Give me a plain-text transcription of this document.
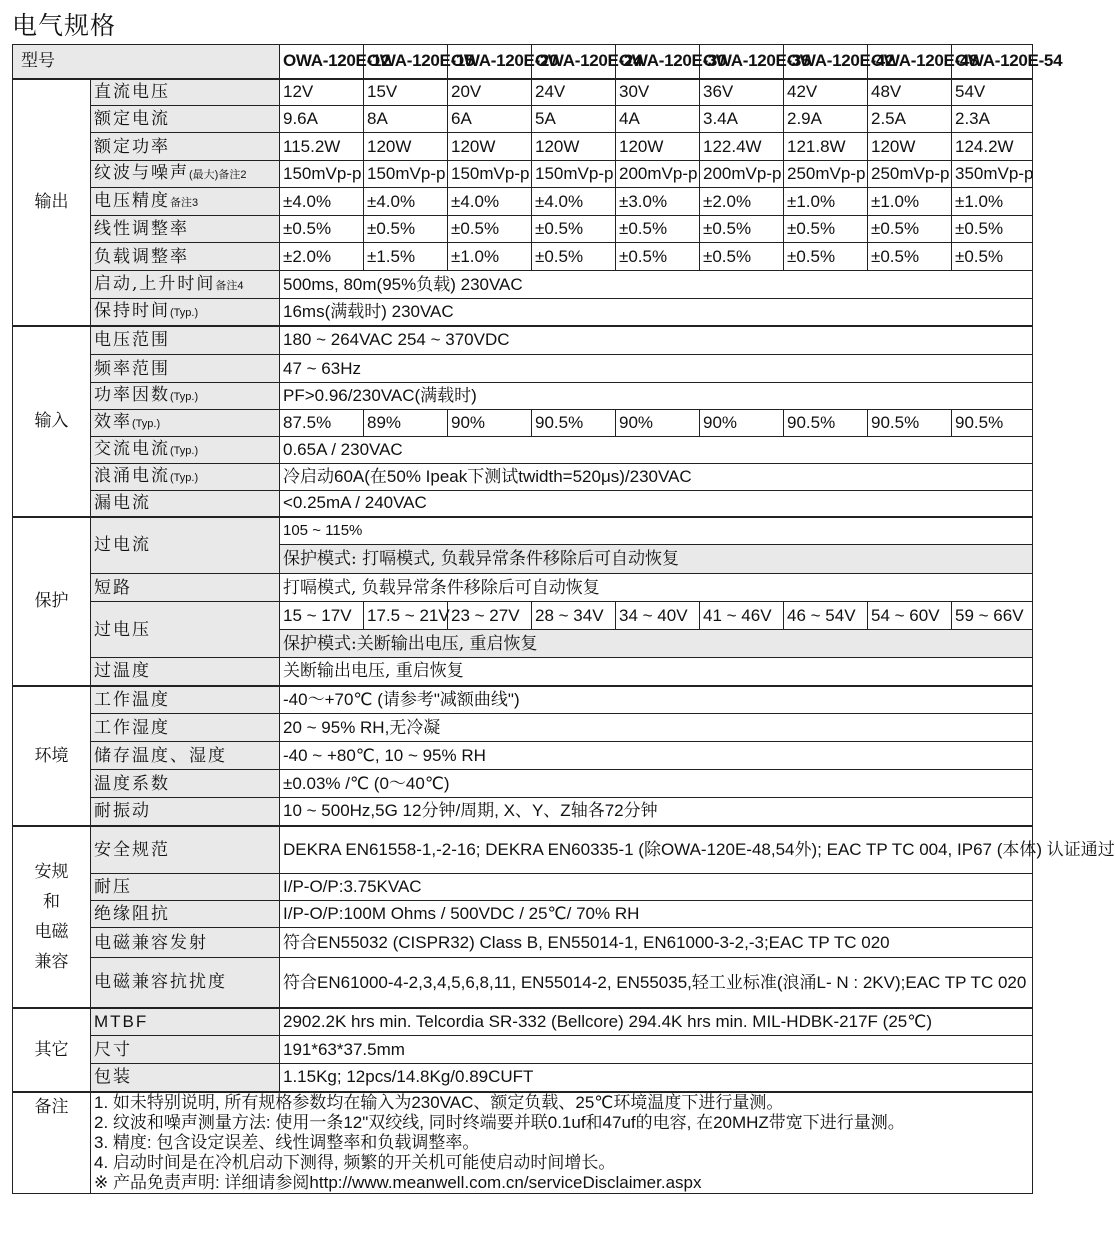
电气规格
型号		OWA-120E-12	OWA-120E-15	OWA-120E-20	OWA-120E-24	OWA-120E-30	OWA-120E-36	OWA-120E-42	OWA-120E-48	OWA-120E-54
输出	直流电压	12V	15V	20V	24V	30V	36V	42V	48V	54V
	额定电流	9.6A	8A	6A	5A	4A	3.4A	2.9A	2.5A	2.3A
	额定功率	115.2W	120W	120W	120W	120W	122.4W	121.8W	120W	124.2W
	纹波与噪声(最大)备注2	150mVp-p	150mVp-p	150mVp-p	150mVp-p	200mVp-p	200mVp-p	250mVp-p	250mVp-p	350mVp-p
	电压精度备注3	±4.0%	±4.0%	±4.0%	±4.0%	±3.0%	±2.0%	±1.0%	±1.0%	±1.0%
	线性调整率	±0.5%	±0.5%	±0.5%	±0.5%	±0.5%	±0.5%	±0.5%	±0.5%	±0.5%
	负载调整率	±2.0%	±1.5%	±1.0%	±0.5%	±0.5%	±0.5%	±0.5%	±0.5%	±0.5%
	启动,上升时间备注4	500ms, 80m(95%负载) 230VAC								
	保持时间(Typ.)	16ms(满载时) 230VAC								
输入	电压范围	180 ~ 264VAC 254 ~ 370VDC								
	频率范围	47 ~ 63Hz								
	功率因数(Typ.)	PF>0.96/230VAC(满载时)								
	效率(Typ.)	87.5%	89%	90%	90.5%	90%	90%	90.5%	90.5%	90.5%
	交流电流(Typ.)	0.65A / 230VAC								
	浪涌电流(Typ.)	冷启动60A(在50% Ipeak下测试twidth=520μs)/230VAC								
	漏电流	<0.25mA / 240VAC								
保护	过电流	105 ~ 115%								
		保护模式: 打嗝模式, 负载异常条件移除后可自动恢复								
	短路	打嗝模式, 负载异常条件移除后可自动恢复								
	过电压	15 ~ 17V	17.5 ~ 21V	23 ~ 27V	28 ~ 34V	34 ~ 40V	41 ~ 46V	46 ~ 54V	54 ~ 60V	59 ~ 66V
		保护模式:关断输出电压, 重启恢复								
	过温度	关断输出电压, 重启恢复								
环境	工作温度	-40～+70℃ (请参考"减额曲线")								
	工作湿度	20 ~ 95% RH,无冷凝								
	储存温度、湿度	-40 ~ +80℃, 10 ~ 95% RH								
	温度系数	±0.03% /℃ (0～40℃)								
	耐振动	10 ~ 500Hz,5G 12分钟/周期, X、Y、Z轴各72分钟								
安规
和
电磁
兼容	安全规范	DEKRA EN61558-1,-2-16; DEKRA EN60335-1 (除OWA-120E-48,54外); EAC TP TC 004, IP67 (本体) 认证通过								
	耐压	I/P-O/P:3.75KVAC								
	绝缘阻抗	I/P-O/P:100M Ohms / 500VDC / 25℃/ 70% RH								
	电磁兼容发射	符合EN55032 (CISPR32) Class B, EN55014-1, EN61000-3-2,-3;EAC TP TC 020								
	电磁兼容抗扰度	符合EN61000-4-2,3,4,5,6,8,11, EN55014-2, EN55035,轻工业标准(浪涌L- N : 2KV);EAC TP TC 020								
其它	MTBF	2902.2K hrs min. Telcordia SR-332 (Bellcore) 294.4K hrs min. MIL-HDBK-217F (25℃)								
	尺寸	191*63*37.5mm								
	包装	1.15Kg; 12pcs/14.8Kg/0.89CUFT								
备注	1. 如未特别说明, 所有规格参数均在输入为230VAC、额定负载、25℃环境温度下进行量测。
2. 纹波和噪声测量方法: 使用一条12"双绞线, 同时终端要并联0.1uf和47uf的电容, 在20MHZ带宽下进行量测。
3. 精度: 包含设定误差、线性调整率和负载调整率。
4. 启动时间是在冷机启动下测得, 频繁的开关机可能使启动时间增长。
※ 产品免责声明: 详细请参阅http://www.meanwell.com.cn/serviceDisclaimer.aspx									
